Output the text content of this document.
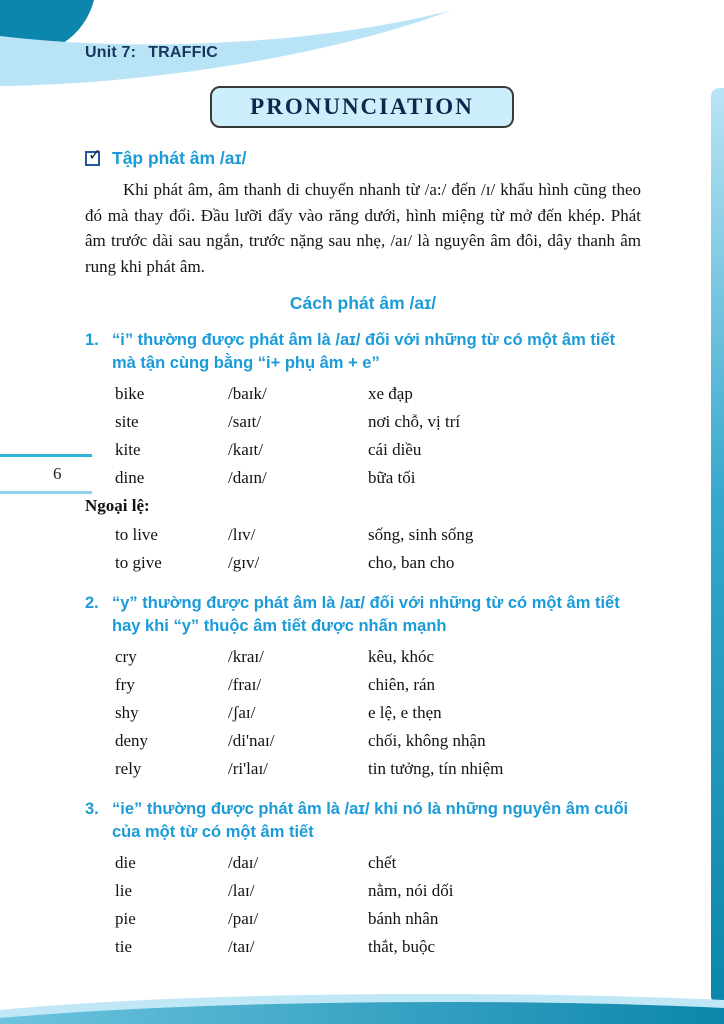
Unit 7: TRAFFIC
PRONUNCIATION
6
✓ Tập phát âm /aɪ/

Khi phát âm, âm thanh di chuyển nhanh từ /a:/ đến /ɪ/ khẩu hình cũng theo đó mà thay đổi. Đầu lưỡi đẩy vào răng dưới, hình miệng từ mở đến khép. Phát âm trước dài sau ngắn, trước nặng sau nhẹ, /aɪ/ là nguyên âm đôi, dây thanh âm rung khi phát âm.

Cách phát âm /aɪ/
1. “i” thường được phát âm là /aɪ/ đối với những từ có một âm tiết mà tận cùng bằng “i+ phụ âm + e”
bike	/baɪk/	xe đạp
site	/saɪt/	nơi chỗ, vị trí
kite	/kaɪt/	cái diều
dine	/daɪn/	bữa tối
Ngoại lệ:
to live	/lɪv/	sống, sinh sống
to give	/gɪv/	cho, ban cho
2. “y” thường được phát âm là /aɪ/ đối với những từ có một âm tiết hay khi “y” thuộc âm tiết được nhấn mạnh
cry	/kraɪ/	kêu, khóc
fry	/fraɪ/	chiên, rán
shy	/ʃaɪ/	e lệ, e thẹn
deny	/di'naɪ/	chối, không nhận
rely	/ri'laɪ/	tin tưởng, tín nhiệm
3. “ie” thường được phát âm là /aɪ/ khi nó là những nguyên âm cuối của một từ có một âm tiết
die	/daɪ/	chết
lie	/laɪ/	nằm, nói dối
pie	/paɪ/	bánh nhân
tie	/taɪ/	thắt, buộc
